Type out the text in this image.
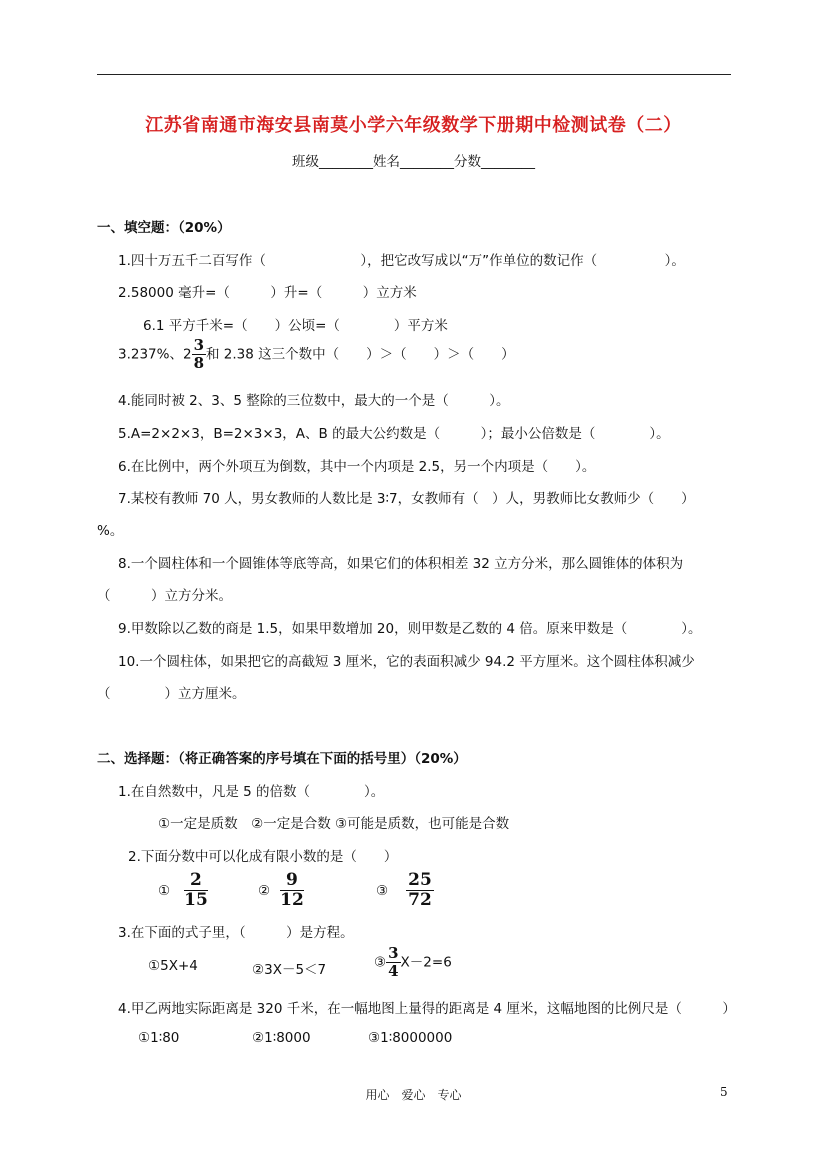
江苏省南通市海安县南莫小学六年级数学下册期中检测试卷（二）
班级________姓名________分数________
一、填空题：（20%）
1.四十万五千二百写作（　　　　　　　），把它改写成以“万”作单位的数记作（　　　　　）。
2.58000 毫升=（　　　）升=（　　　）立方米
6.1 平方千米=（　　）公顷=（　　　　）平方米
3.237%、$2 \frac{3}{8}$ 和 2.38 这三个数中（　　）＞（　　）＞（　　）
4.能同时被 2、3、5 整除的三位数中，最大的一个是（　　　）。
5.A=2×2×3，B=2×3×3，A、B 的最大公约数是（　　　）；最小公倍数是（　　　　）。
6.在比例中，两个外项互为倒数，其中一个内项是 2.5，另一个内项是（　　）。
7.某校有教师 70 人，男女教师的人数比是 3∶7，女教师有（　）人，男教师比女教师少（　　）
%。
8.一个圆柱体和一个圆锥体等底等高，如果它们的体积相差 32 立方分米，那么圆锥体的体积为
（　　　）立方分米。
9.甲数除以乙数的商是 1.5，如果甲数增加 20，则甲数是乙数的 4 倍。原来甲数是（　　　　）。
10.一个圆柱体，如果把它的高截短 3 厘米，它的表面积减少 94.2 平方厘米。这个圆柱体积减少
（　　　　）立方厘米。
二、选择题：（将正确答案的序号填在下面的括号里）（20%）
1.在自然数中，凡是 5 的倍数（　　　　）。
①一定是质数　②一定是合数 ③可能是质数，也可能是合数
2.下面分数中可以化成有限小数的是（　　）
① $\frac{2}{15}$	② $\frac{9}{12}$	③ $\frac{25}{72}$
3.在下面的式子里，（　　　）是方程。
①5X+4	②3X－5＜7	③ $\frac{3}{4} X-2=6$
4.甲乙两地实际距离是 320 千米，在一幅地图上量得的距离是 4 厘米，这幅地图的比例尺是（　　　）
①1∶80	②1∶8000	③1∶8000000
用心　爱心　专心	5
